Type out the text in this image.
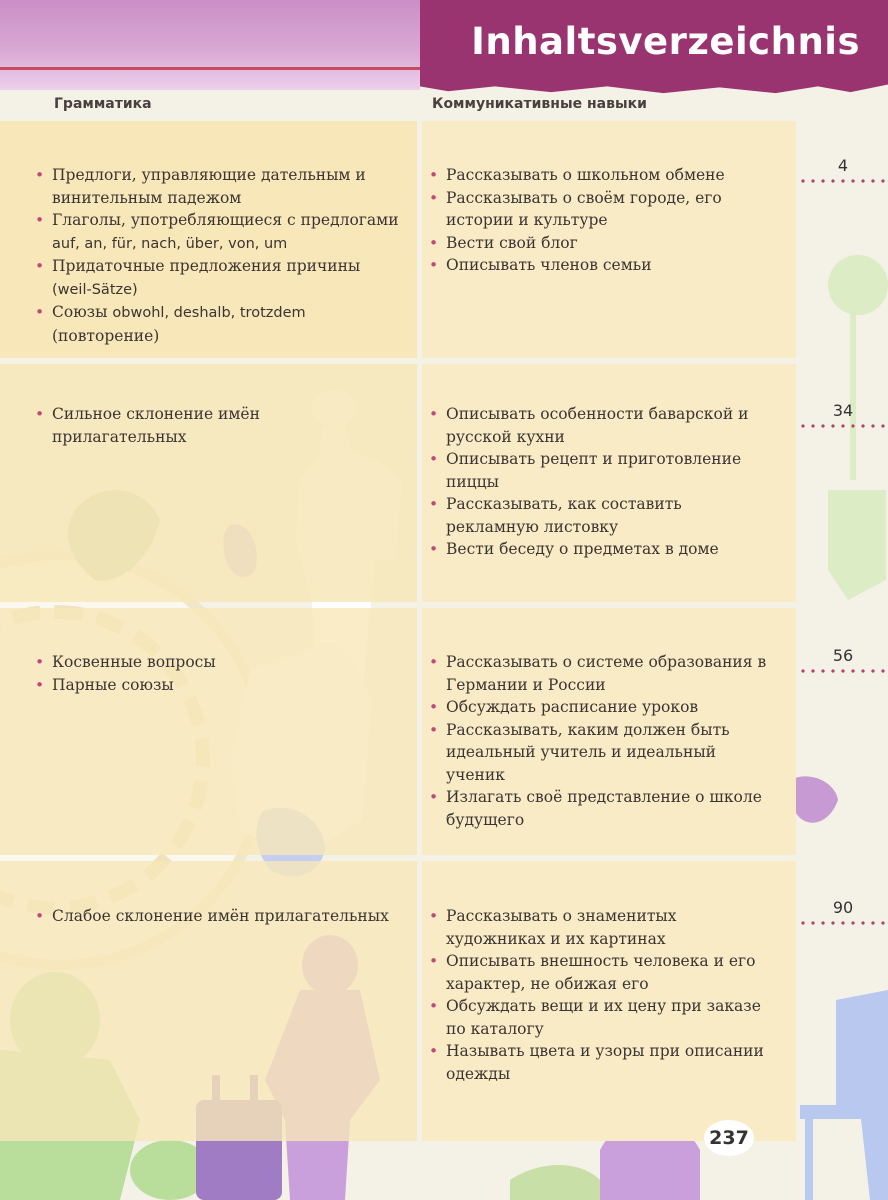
Inhaltsverzeichnis
Грамматика	Коммуникативные навыки
• Предлоги, управляющие дательным и винительным падежом
• Глаголы, употребляющиеся с предлогами
auf, an, für, nach, über, von, um
• Придаточные предложения причины
(weil-Sätze)
• Союзы obwohl, deshalb, trotzdem
(повторение)
• Рассказывать о школьном обмене
• Рассказывать о своём городе, его истории и культуре
• Вести свой блог
• Описывать членов семьи
4
• Сильное склонение имён прилагательных
• Описывать особенности баварской и русской кухни
• Описывать рецепт и приготовление пиццы
• Рассказывать, как составить рекламную листовку
• Вести беседу о предметах в доме
34
• Косвенные вопросы
• Парные союзы
• Рассказывать о системе образования в Германии и России
• Обсуждать расписание уроков
• Рассказывать, каким должен быть идеальный учитель и идеальный ученик
• Излагать своё представление о школе будущего
56
• Слабое склонение имён прилагательных
•	Рассказывать о знаменитых художниках и их картинах
• Описывать внешность человека и его характер, не обижая его
• Обсуждать вещи и их цену при заказе по каталогу
• Называть цвета и узоры при описании одежды
90
237
